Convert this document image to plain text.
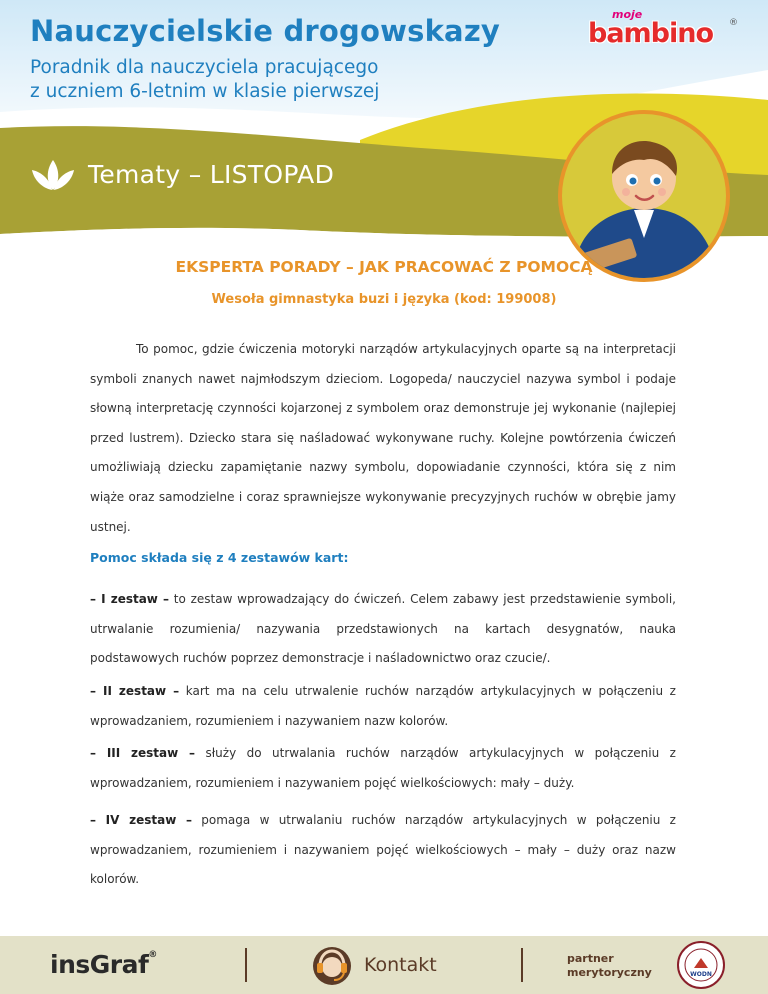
Nauczycielskie drogowskazy
Poradnik dla nauczyciela pracującego
z uczniem 6-letnim w klasie pierwszej
moje
bambino ®
Tematy – LISTOPAD
EKSPERTA PORADY – JAK PRACOWAĆ Z POMOCĄ
Wesoła gimnastyka buzi i języka (kod: 199008)
To pomoc, gdzie ćwiczenia motoryki narządów artykulacyjnych oparte są na interpretacji symboli znanych nawet najmłodszym dzieciom. Logopeda/ nauczyciel nazywa symbol i podaje słowną interpretację czynności kojarzonej z symbolem oraz demonstruje jej wykonanie (najlepiej przed lustrem). Dziecko stara się naśladować wykonywane ruchy. Kolejne powtórzenia ćwiczeń umożliwiają dziecku zapamiętanie nazwy symbolu, dopowiadanie czynności, która się z nim wiąże oraz samodzielne i coraz sprawniejsze wykonywanie precyzyjnych ruchów w obrębie jamy ustnej.
Pomoc składa się z 4 zestawów kart:
– I zestaw – to zestaw wprowadzający do ćwiczeń. Celem zabawy jest przedstawienie symboli, utrwalanie rozumienia/ nazywania przedstawionych na kartach desygnatów, nauka podstawowych ruchów poprzez demonstracje i naśladownictwo oraz czucie/.
– II zestaw – kart ma na celu utrwalenie ruchów narządów artykulacyjnych w połączeniu z wprowadzaniem, rozumieniem i nazywaniem nazw kolorów.
– III zestaw – służy do utrwalania ruchów narządów artykulacyjnych w połączeniu z wprowadzaniem, rozumieniem i nazywaniem pojęć wielkościowych: mały – duży.
– IV zestaw – pomaga w utrwalaniu ruchów narządów artykulacyjnych w połączeniu z wprowadzaniem, rozumieniem i nazywaniem pojęć wielkościowych – mały – duży oraz nazw kolorów.
insGraf®	Kontakt	partner
merytoryczny	WODN
